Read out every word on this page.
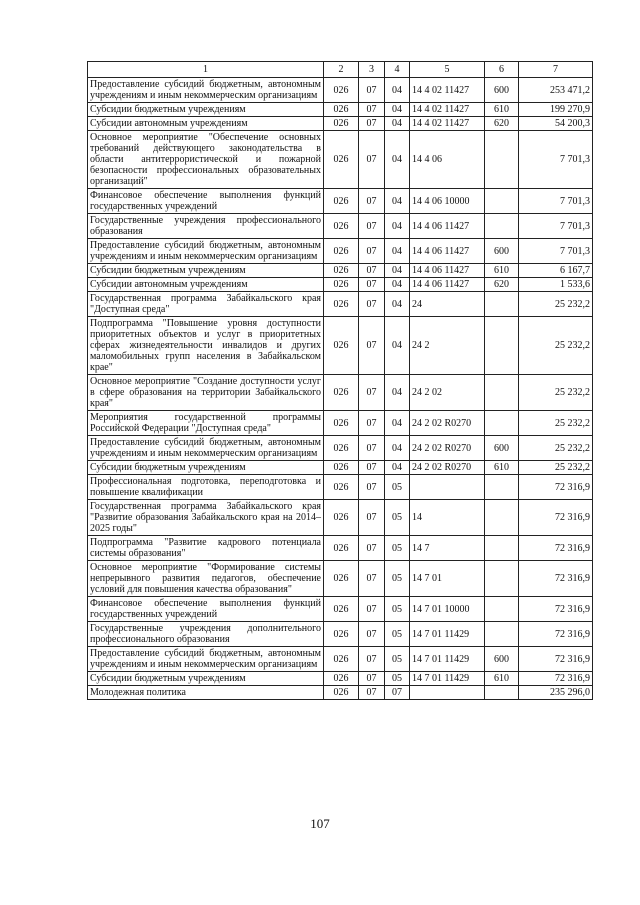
1	2	3	4	5	6	7
Предоставление субсидий бюджетным, автономным учреждениям и иным некоммерческим организациям	026	07	04	14 4 02 11427	600	253 471,2
Субсидии бюджетным учреждениям	026	07	04	14 4 02 11427	610	199 270,9
Субсидии автономным учреждениям	026	07	04	14 4 02 11427	620	54 200,3
Основное мероприятие "Обеспечение основных требований действующего законодательства в области антитеррористической и пожарной безопасности профессиональных образовательных организаций"	026	07	04	14 4 06		7 701,3
Финансовое обеспечение выполнения функций государственных учреждений	026	07	04	14 4 06 10000		7 701,3
Государственные учреждения профессионального образования	026	07	04	14 4 06 11427		7 701,3
Предоставление субсидий бюджетным, автономным учреждениям и иным некоммерческим организациям	026	07	04	14 4 06 11427	600	7 701,3
Субсидии бюджетным учреждениям	026	07	04	14 4 06 11427	610	6 167,7
Субсидии автономным учреждениям	026	07	04	14 4 06 11427	620	1 533,6
Государственная программа Забайкальского края "Доступная среда"	026	07	04	24		25 232,2
Подпрограмма "Повышение уровня доступности приоритетных объектов и услуг в приоритетных сферах жизнедеятельности инвалидов и других маломобильных групп населения в Забайкальском крае"	026	07	04	24 2		25 232,2
Основное мероприятие "Создание доступности услуг в сфере образования на территории Забайкальского края"	026	07	04	24 2 02		25 232,2
Мероприятия государственной программы Российской Федерации "Доступная среда"	026	07	04	24 2 02 R0270		25 232,2
Предоставление субсидий бюджетным, автономным учреждениям и иным некоммерческим организациям	026	07	04	24 2 02 R0270	600	25 232,2
Субсидии бюджетным учреждениям	026	07	04	24 2 02 R0270	610	25 232,2
Профессиональная подготовка, переподготовка и повышение квалификации	026	07	05			72 316,9
Государственная программа Забайкальского края "Развитие образования Забайкальского края на 2014–2025 годы"	026	07	05	14		72 316,9
Подпрограмма "Развитие кадрового потенциала системы образования"	026	07	05	14 7		72 316,9
Основное мероприятие "Формирование системы непрерывного развития педагогов, обеспечение условий для повышения качества образования"	026	07	05	14 7 01		72 316,9
Финансовое обеспечение выполнения функций государственных учреждений	026	07	05	14 7 01 10000		72 316,9
Государственные учреждения дополнительного профессионального образования	026	07	05	14 7 01 11429		72 316,9
Предоставление субсидий бюджетным, автономным учреждениям и иным некоммерческим организациям	026	07	05	14 7 01 11429	600	72 316,9
Субсидии бюджетным учреждениям	026	07	05	14 7 01 11429	610	72 316,9
Молодежная политика	026	07	07			235 296,0
107
